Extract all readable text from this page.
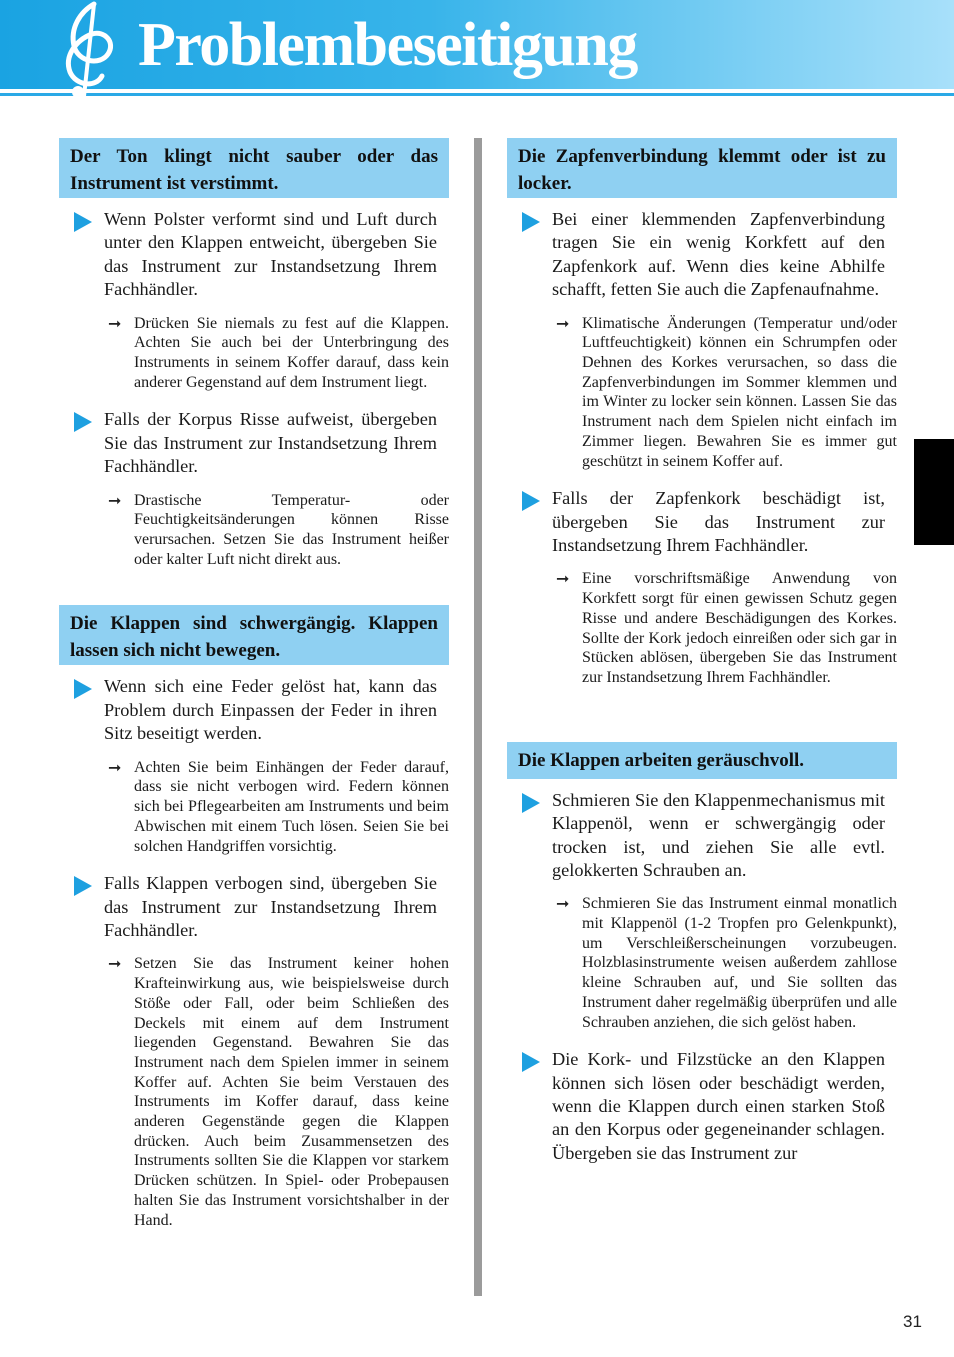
Problembeseitigung
Der Ton klingt nicht sauber oder das Instrument ist verstimmt.
Wenn Polster verformt sind und Luft durch unter den Klappen entweicht, übergeben Sie das Instrument zur Instandsetzung Ihrem Fachhändler.
➞ Drücken Sie niemals zu fest auf die Klappen. Achten Sie auch bei der Unterbringung des Instruments in seinem Koffer darauf, dass kein anderer Gegenstand auf dem Instrument liegt.
Falls der Korpus Risse aufweist, übergeben Sie das Instrument zur Instandsetzung Ihrem Fachhändler.
➞ Drastische Temperatur- oder Feuchtigkeitsänderungen können Risse verursachen. Setzen Sie das Instrument heißer oder kalter Luft nicht direkt aus.
Die Klappen sind schwergängig. Klappen lassen sich nicht bewegen.
Wenn sich eine Feder gelöst hat, kann das Problem durch Einpassen der Feder in ihren Sitz beseitigt werden.
➞ Achten Sie beim Einhängen der Feder darauf, dass sie nicht verbogen wird. Federn können sich bei Pflegearbeiten am Instruments und beim Abwischen mit einem Tuch lösen. Seien Sie bei solchen Handgriffen vorsichtig.
Falls Klappen verbogen sind, übergeben Sie das Instrument zur Instandsetzung Ihrem Fachhändler.
➞ Setzen Sie das Instrument keiner hohen Krafteinwirkung aus, wie beispielsweise durch Stöße oder Fall, oder beim Schließen des Deckels mit einem auf dem Instrument liegenden Gegenstand. Bewahren Sie das Instrument nach dem Spielen immer in seinem Koffer auf. Achten Sie beim Verstauen des Instruments im Koffer darauf, dass keine anderen Gegenstände gegen die Klappen drücken. Auch beim Zusammensetzen des Instruments sollten Sie die Klappen vor starkem Drücken schützen. In Spiel- oder Probepausen halten Sie das Instrument vorsichtshalber in der Hand.
Die Zapfenverbindung klemmt oder ist zu locker.
Bei einer klemmenden Zapfenverbindung tragen Sie ein wenig Korkfett auf den Zapfenkork auf. Wenn dies keine Abhilfe schafft, fetten Sie auch die Zapfenaufnahme.
➞ Klimatische Änderungen (Temperatur und/oder Luftfeuchtigkeit) können ein Schrumpfen oder Dehnen des Korkes verursachen, so dass die Zapfenverbindungen im Sommer klemmen und im Winter zu locker sein können. Lassen Sie das Instrument nach dem Spielen nicht einfach im Zimmer liegen. Bewahren Sie es immer gut geschützt in seinem Koffer auf.
Falls der Zapfenkork beschädigt ist, übergeben Sie das Instrument zur Instandsetzung Ihrem Fachhändler.
➞ Eine vorschriftsmäßige Anwendung von Korkfett sorgt für einen gewissen Schutz gegen Risse und andere Beschädigungen des Korkes. Sollte der Kork jedoch einreißen oder sich gar in Stücken ablösen, übergeben Sie das Instrument zur Instandsetzung Ihrem Fachhändler.
Die Klappen arbeiten geräuschvoll.
Schmieren Sie den Klappenmechanismus mit Klappenöl, wenn er schwergängig oder trocken ist, und ziehen Sie alle evtl. gelokkerten Schrauben an.
➞ Schmieren Sie das Instrument einmal monatlich mit Klappenöl (1-2 Tropfen pro Gelenkpunkt), um Verschleißerscheinungen vorzubeugen. Holzblasinstrumente weisen außerdem zahllose kleine Schrauben auf, und Sie sollten das Instrument daher regelmäßig überprüfen und alle Schrauben anziehen, die sich gelöst haben.
Die Kork- und Filzstücke an den Klappen können sich lösen oder beschädigt werden, wenn die Klappen durch einen starken Stoß an den Korpus oder gegeneinander schlagen. Übergeben sie das Instrument zur
31
